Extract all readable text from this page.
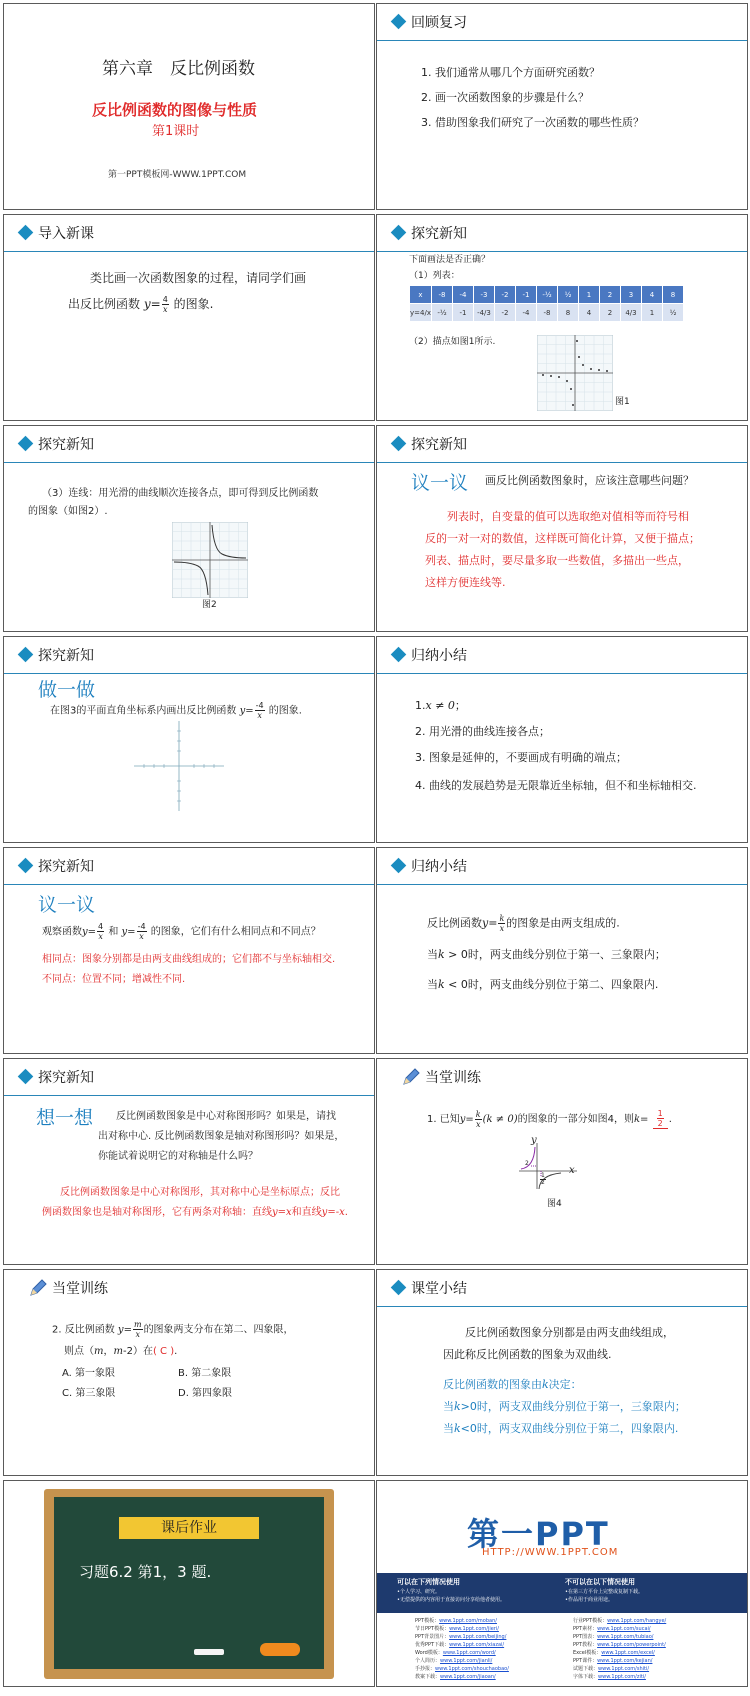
第六章　反比例函数
反比例函数的图像与性质
第1课时
第一PPT模板网-WWW.1PPT.COM
回顾复习
1. 我们通常从哪几个方面研究函数？
2. 画一次函数图象的步骤是什么？
3. 借助图象我们研究了一次函数的哪些性质？
导入新课
类比画一次函数图象的过程，请同学们画
出反比例函数 $y= \frac{4}{x}$ 的图象.
探究新知
下面画法是否正确？
（1）列表：
x	-8	-4	-3	-2	-1	-½	½	1	2	3	4	8
y=4/x	-½	-1	-4/3	-2	-4	-8	8	4	2	4/3	1	½
（2）描点如图1所示.
图1
探究新知
（3）连线：用光滑的曲线顺次连接各点，即可得到反比例函数
的图象（如图2）.
图2
探究新知
议一议 画反比例函数图象时，应该注意哪些问题？
列表时，自变量的值可以选取绝对值相等而符号相
反的一对一对的数值，这样既可简化计算，又便于描点；
列表、描点时，要尽量多取一些数值，多描出一些点，
这样方便连线等.
探究新知
做一做
在图3的平面直角坐标系内画出反比例函数 $y= \frac{-4}{x}$ 的图象.
归纳小结
1.x ≠ 0；
2. 用光滑的曲线连接各点；
3. 图象是延伸的，不要画成有明确的端点；
4. 曲线的发展趋势是无限靠近坐标轴，但不和坐标轴相交.
探究新知
议一议
观察函数$y= \frac{4}{x}$ 和 $y= \frac{-4}{x}$ 的图象，它们有什么相同点和不同点？
相同点：图象分别都是由两支曲线组成的；它们都不与坐标轴相交.
不同点：位置不同；增减性不同.
归纳小结
反比例函数$y= \frac{k}{x}$ 的图象是由两支组成的.
当k > 0时，两支曲线分别位于第一、三象限内；
当k < 0时，两支曲线分别位于第二、四象限内.
探究新知
想一想 反比例函数图象是中心对称图形吗？如果是，请找
出对称中心. 反比例函数图象是轴对称图形吗？如果是，
你能试着说明它的对称轴是什么吗？
反比例函数图象是中心对称图形，其对称中心是坐标原点；反比
例函数图象也是轴对称图形，它有两条对称轴：直线y=x和直线y=-x.
当堂训练
1. 已知$y= \frac{k}{x} (k \ne 0)$的图象的一部分如图4，则$k= \frac{1}{2}$ .
y
x
2
$\frac{1}{2}$
图4
当堂训练
2. 反比例函数 $y= \frac{m}{x}$ 的图象两支分布在第二、四象限，
则点（m，m-2）在( C ).
A. 第一象限	B. 第二象限
C. 第三象限	D. 第四象限
课堂小结
反比例函数图象分别都是由两支曲线组成，
因此称反比例函数的图象为双曲线.
反比例函数的图象由k决定：
当k>0时，两支双曲线分别位于第一，三象限内；
当k<0时，两支双曲线分别位于第二，四象限内.
课后作业
习题6.2 第1，3 题.
第一PPT
HTTP://WWW.1PPT.COM
可以在下列情况使用
•个人学习、研究。
•无偿提供的内容用于直接访问分享给他者使用。
不可以在以下情况使用
•在第三方平台上完整或复制下载。
•作品用于商业用途。
PPT模板：www.1ppt.com/moban/
节日PPT模板：www.1ppt.com/jieri/
PPT背景图片：www.1ppt.com/beijing/
优秀PPT下载：www.1ppt.com/xiazai/
Word模板：www.1ppt.com/word/
个人简历：www.1ppt.com/jianli/
手抄报：www.1ppt.com/shouchaobao/
教案下载：www.1ppt.com/jiaoan/
行业PPT模板：www.1ppt.com/hangye/
PPT素材：www.1ppt.com/sucai/
PPT图表：www.1ppt.com/tubiao/
PPT教程：www.1ppt.com/powerpoint/
Excel模板：www.1ppt.com/excel/
PPT课件：www.1ppt.com/kejian/
试题下载：www.1ppt.com/shiti/
字体下载：www.1ppt.com/ziti/
